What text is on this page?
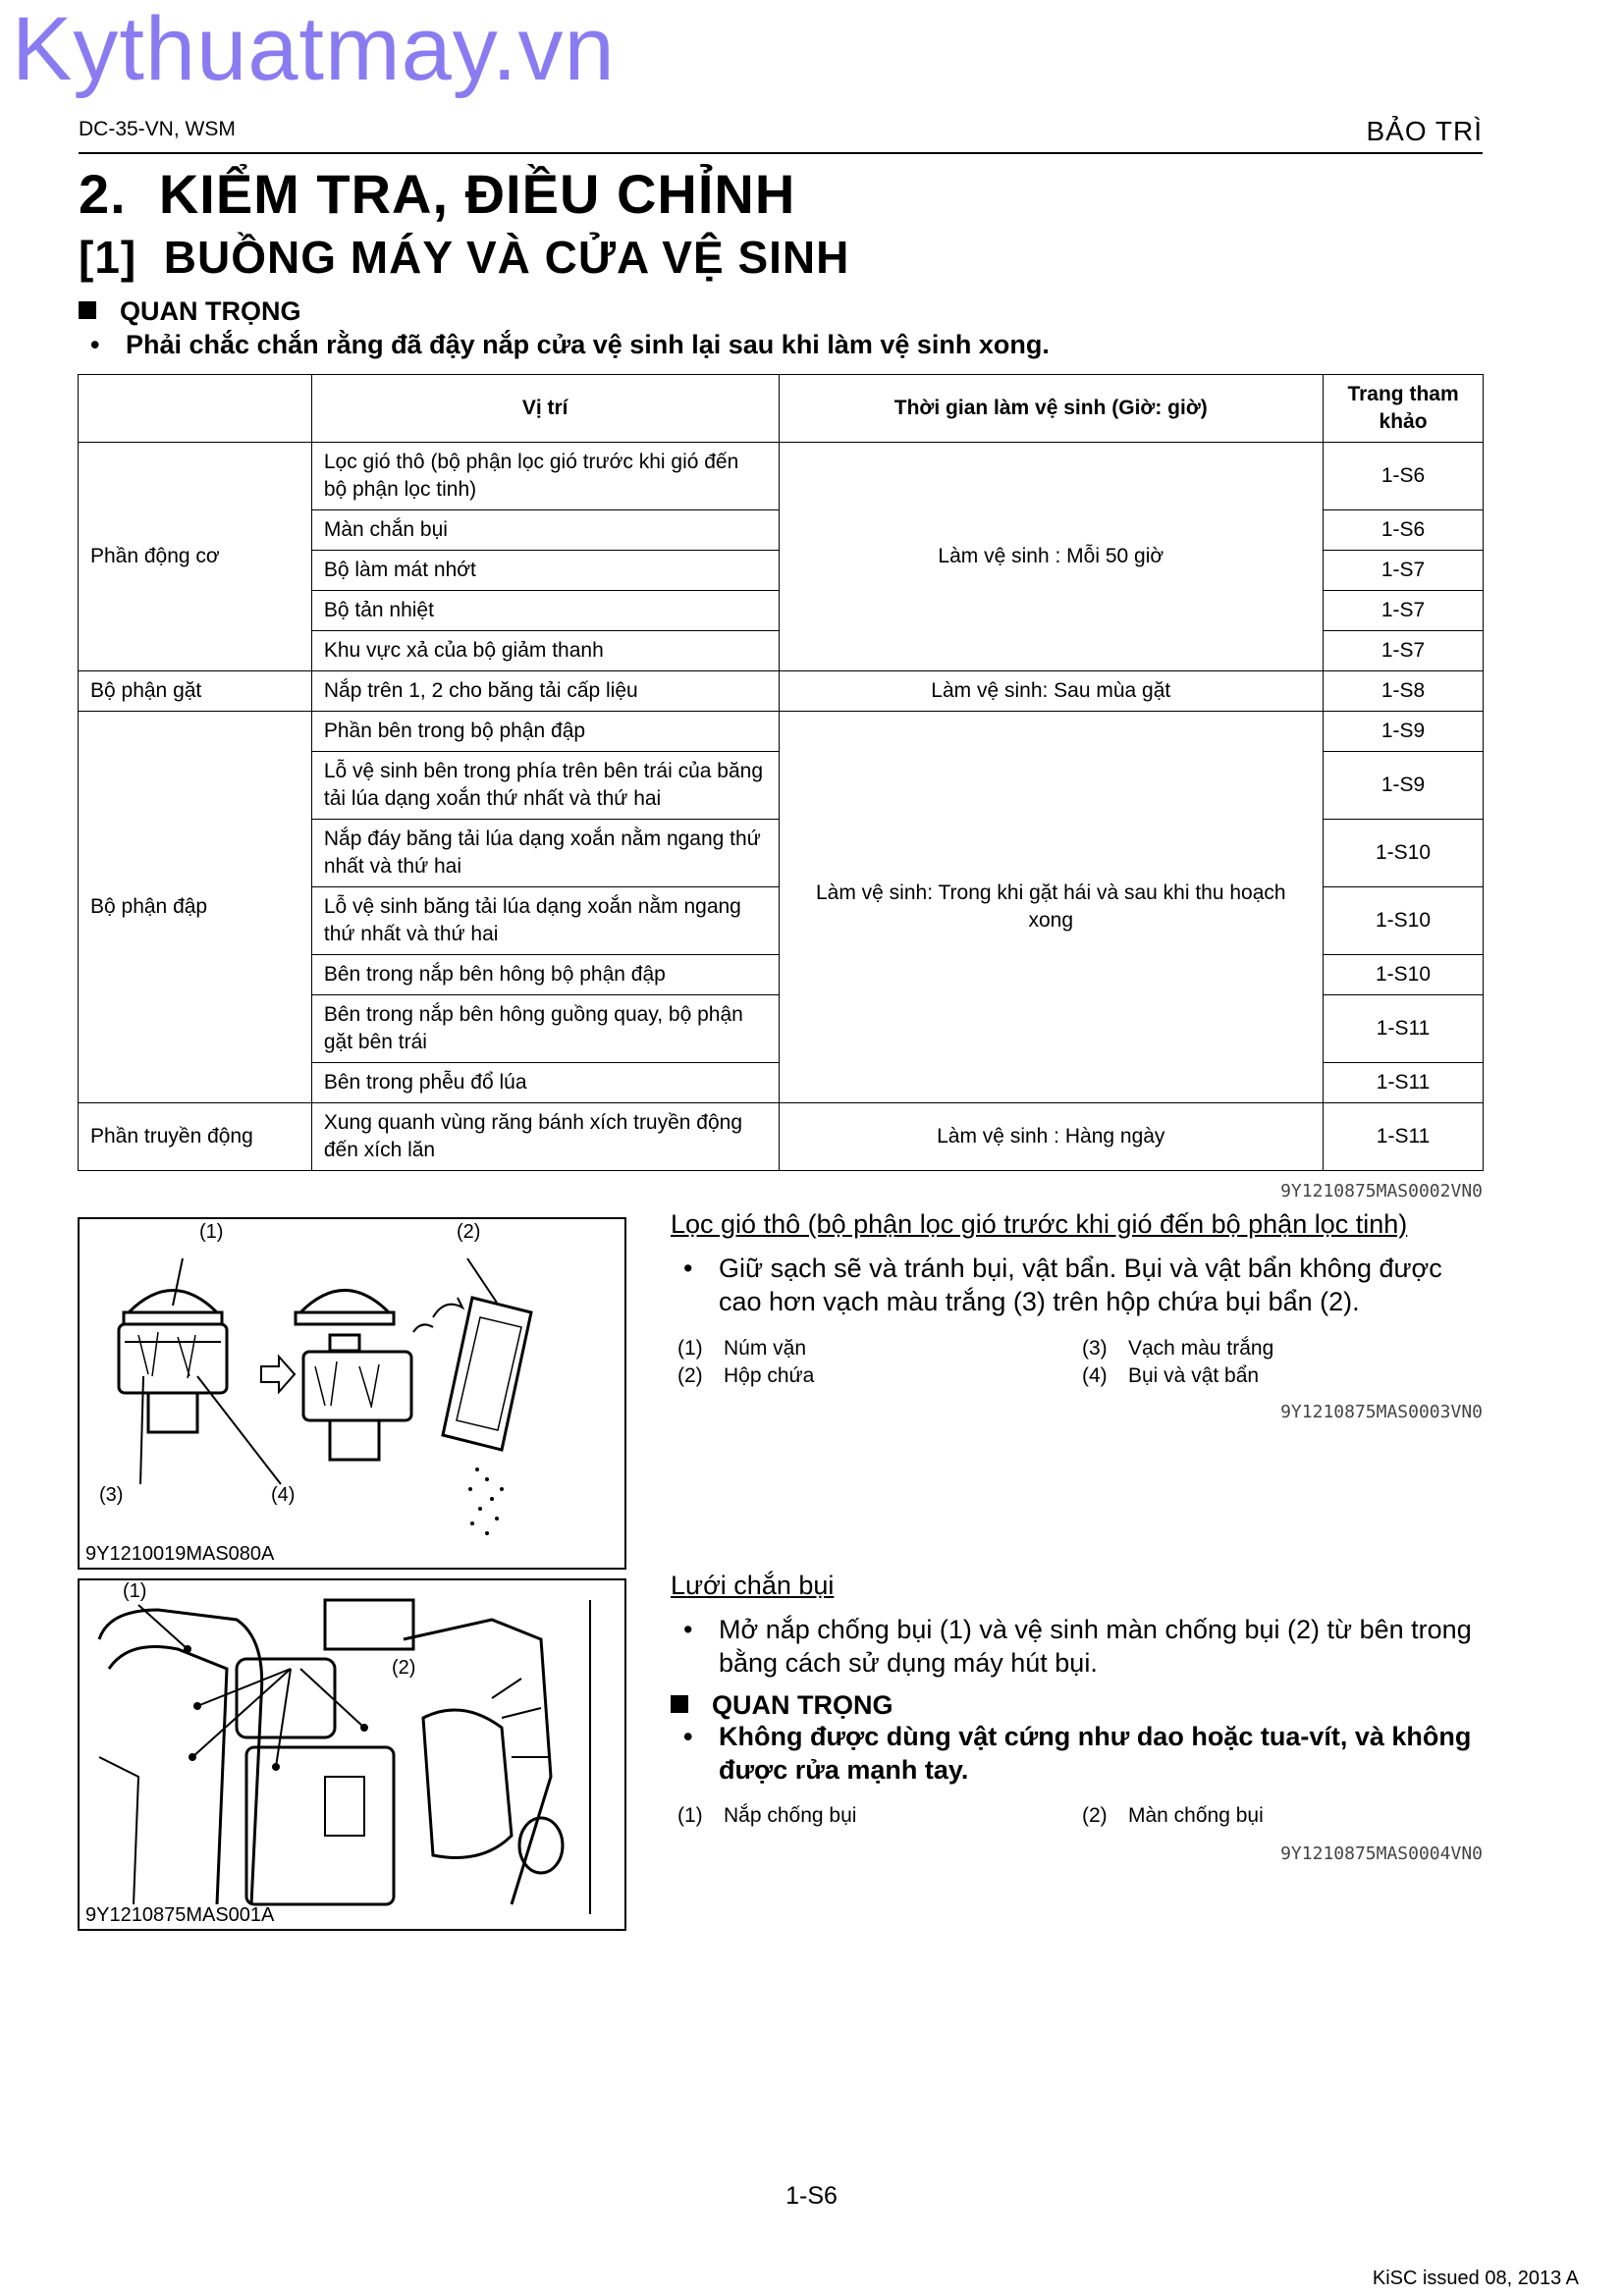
Kythuatmay.vn
DC-35-VN, WSM	BẢO TRÌ
2.  KIỂM TRA, ĐIỀU CHỈNH
[1]  BUỒNG MÁY VÀ CỬA VỆ SINH
QUAN TRỌNG
• Phải chắc chắn rằng đã đậy nắp cửa vệ sinh lại sau khi làm vệ sinh xong.
	Vị trí	Thời gian làm vệ sinh (Giờ: giờ)	Trang tham khảo
Phần động cơ	Lọc gió thô (bộ phận lọc gió trước khi gió đến bộ phận lọc tinh)	Làm vệ sinh : Mỗi 50 giờ	1-S6
	Màn chắn bụi		1-S6
	Bộ làm mát nhớt		1-S7
	Bộ tản nhiệt		1-S7
	Khu vực xả của bộ giảm thanh		1-S7
Bộ phận gặt	Nắp trên 1, 2 cho băng tải cấp liệu	Làm vệ sinh: Sau mùa gặt	1-S8
Bộ phận đập	Phần bên trong bộ phận đập	Làm vệ sinh: Trong khi gặt hái và sau khi thu hoạch xong	1-S9
	Lỗ vệ sinh bên trong phía trên bên trái của băng tải lúa dạng xoắn thứ nhất và thứ hai		1-S9
	Nắp đáy băng tải lúa dạng xoắn nằm ngang thứ nhất và thứ hai		1-S10
	Lỗ vệ sinh băng tải lúa dạng xoắn nằm ngang thứ nhất và thứ hai		1-S10
	Bên trong nắp bên hông bộ phận đập		1-S10
	Bên trong nắp bên hông guồng quay, bộ phận gặt bên trái		1-S11
	Bên trong phễu đổ lúa		1-S11
Phần truyền động	Xung quanh vùng răng bánh xích truyền động đến xích lăn	Làm vệ sinh : Hàng ngày	1-S11
9Y1210875MAS0002VN0
(1)	(2)
(3)	(4)
9Y1210019MAS080A
Lọc gió thô (bộ phận lọc gió trước khi gió đến bộ phận lọc tinh)
• Giữ sạch sẽ và tránh bụi, vật bẩn. Bụi và vật bẩn không được cao hơn vạch màu trắng (3) trên hộp chứa bụi bẩn (2).
(1) Núm vặn
(2) Hộp chứa
(3) Vạch màu trắng
(4) Bụi và vật bẩn
9Y1210875MAS0003VN0
(1)
(2)
9Y1210875MAS001A
Lưới chắn bụi
• Mở nắp chống bụi (1) và vệ sinh màn chống bụi (2) từ bên trong bằng cách sử dụng máy hút bụi.
QUAN TRỌNG
• Không được dùng vật cứng như dao hoặc tua-vít, và không được rửa mạnh tay.
(1) Nắp chống bụi	(2) Màn chống bụi
9Y1210875MAS0004VN0
1-S6
KiSC issued 08, 2013 A
